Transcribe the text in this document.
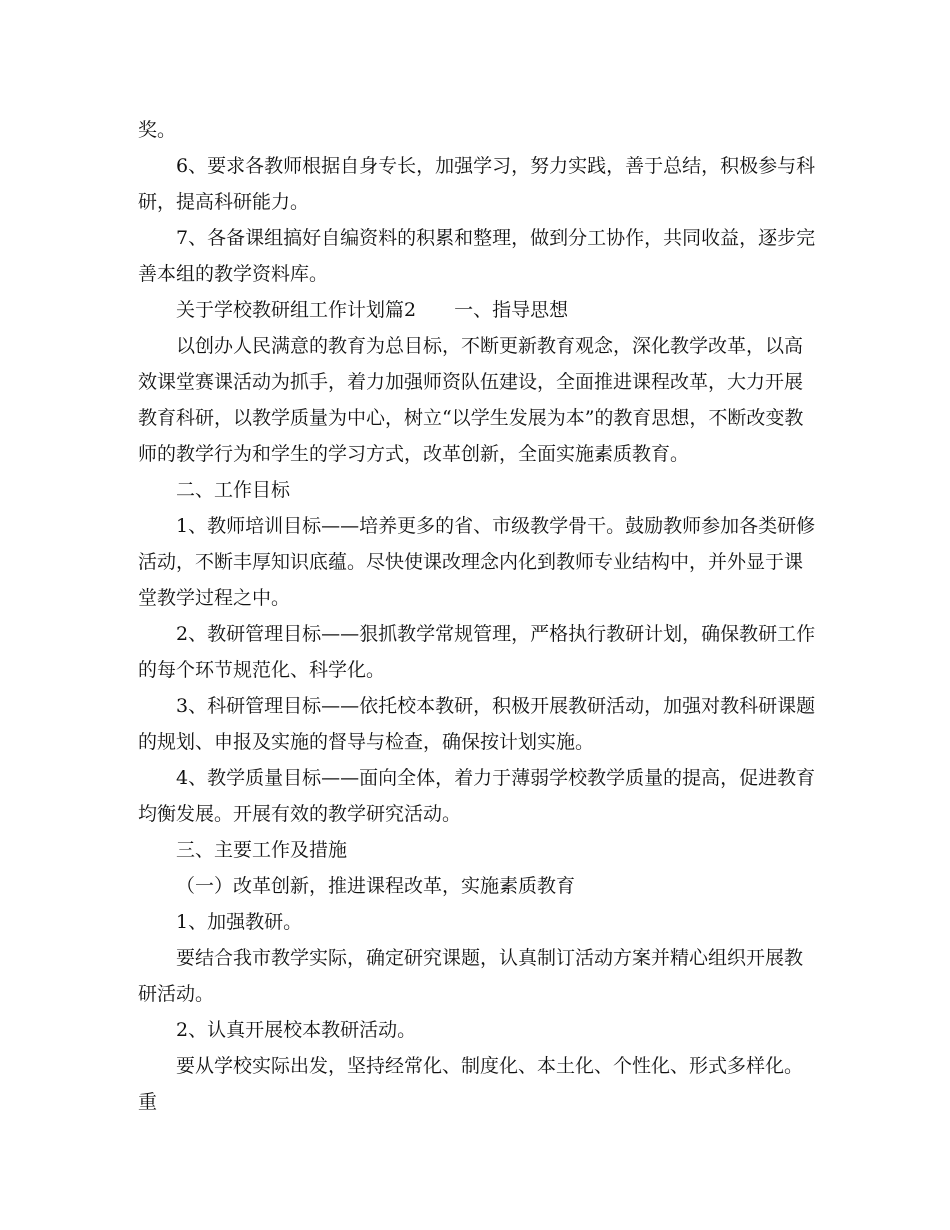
奖。

6、要求各教师根据自身专长，加强学习，努力实践，善于总结，积极参与科研，提高科研能力。

7、各备课组搞好自编资料的积累和整理，做到分工协作，共同收益，逐步完善本组的教学资料库。

关于学校教研组工作计划篇2 一、指导思想

以创办人民满意的教育为总目标，不断更新教育观念，深化教学改革，以高效课堂赛课活动为抓手，着力加强师资队伍建设，全面推进课程改革，大力开展教育科研，以教学质量为中心，树立“以学生发展为本”的教育思想，不断改变教师的教学行为和学生的学习方式，改革创新，全面实施素质教育。

二、工作目标

1、教师培训目标——培养更多的省、市级教学骨干。鼓励教师参加各类研修活动，不断丰厚知识底蕴。尽快使课改理念内化到教师专业结构中，并外显于课堂教学过程之中。

2、教研管理目标——狠抓教学常规管理，严格执行教研计划，确保教研工作的每个环节规范化、科学化。

3、科研管理目标——依托校本教研，积极开展教研活动，加强对教科研课题的规划、申报及实施的督导与检查，确保按计划实施。

4、教学质量目标——面向全体，着力于薄弱学校教学质量的提高，促进教育均衡发展。开展有效的教学研究活动。

三、主要工作及措施

（一）改革创新，推进课程改革，实施素质教育

1、加强教研。

要结合我市教学实际，确定研究课题，认真制订活动方案并精心组织开展教研活动。

2、认真开展校本教研活动。

要从学校实际出发，坚持经常化、制度化、本土化、个性化、形式多样化。重
